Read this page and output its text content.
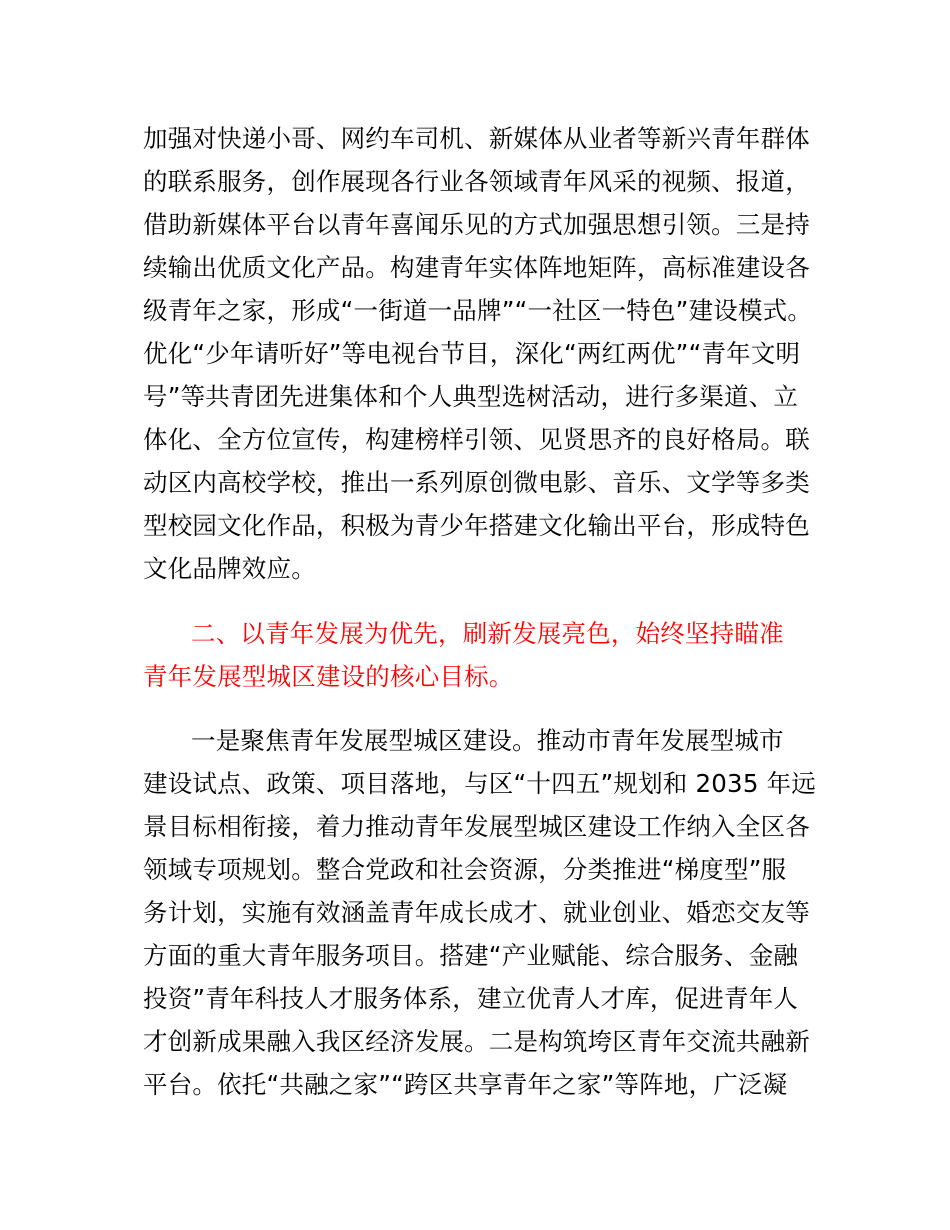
加强对快递小哥、网约车司机、新媒体从业者等新兴青年群体
的联系服务，创作展现各行业各领域青年风采的视频、报道，
借助新媒体平台以青年喜闻乐见的方式加强思想引领。三是持
续输出优质文化产品。构建青年实体阵地矩阵，高标准建设各
级青年之家，形成“一街道一品牌”“一社区一特色”建设模式。
优化“少年请听好”等电视台节目，深化“两红两优”“青年文明
号”等共青团先进集体和个人典型选树活动，进行多渠道、立
体化、全方位宣传，构建榜样引领、见贤思齐的良好格局。联
动区内高校学校，推出一系列原创微电影、音乐、文学等多类
型校园文化作品，积极为青少年搭建文化输出平台，形成特色
文化品牌效应。
二、以青年发展为优先，刷新发展亮色，始终坚持瞄准
青年发展型城区建设的核心目标。
一是聚焦青年发展型城区建设。推动市青年发展型城市
建设试点、政策、项目落地，与区“十四五”规划和 2035 年远
景目标相衔接，着力推动青年发展型城区建设工作纳入全区各
领域专项规划。整合党政和社会资源，分类推进“梯度型”服
务计划，实施有效涵盖青年成长成才、就业创业、婚恋交友等
方面的重大青年服务项目。搭建“产业赋能、综合服务、金融
投资”青年科技人才服务体系，建立优青人才库，促进青年人
才创新成果融入我区经济发展。二是构筑垮区青年交流共融新
平台。依托“共融之家”“跨区共享青年之家”等阵地，广泛凝
